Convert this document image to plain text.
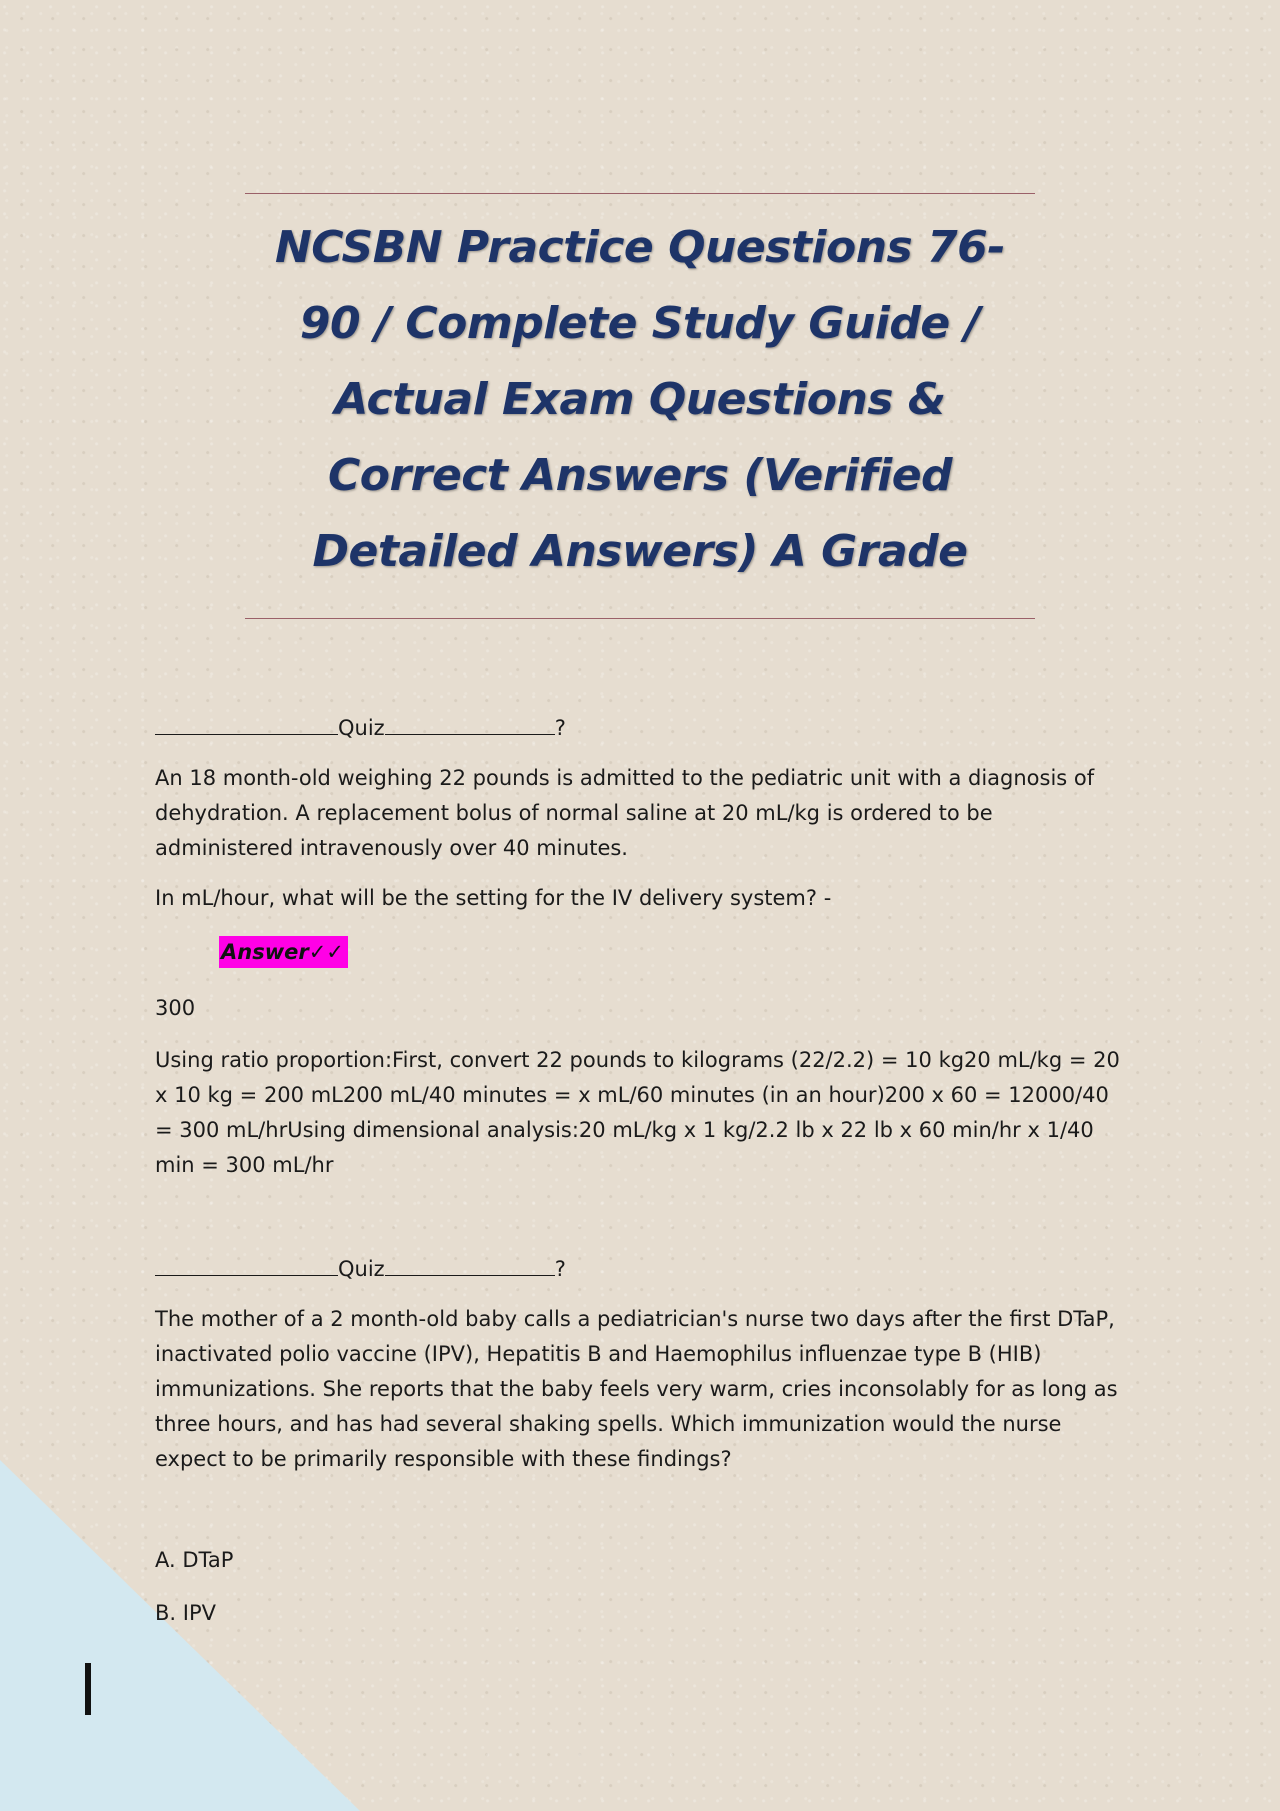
NCSBN Practice Questions 76-90 / Complete Study Guide / Actual Exam Questions & Correct Answers (Verified Detailed Answers) A Grade
Quiz	?

An 18 month-old weighing 22 pounds is admitted to the pediatric unit with a diagnosis of dehydration. A replacement bolus of normal saline at 20 mL/kg is ordered to be administered intravenously over 40 minutes.

In mL/hour, what will be the setting for the IV delivery system? -

Answer✓✓

300

Using ratio proportion:First, convert 22 pounds to kilograms (22/2.2) = 10 kg20 mL/kg = 20 x 10 kg = 200 mL200 mL/40 minutes = x mL/60 minutes (in an hour)200 x 60 = 12000/40 = 300 mL/hrUsing dimensional analysis:20 mL/kg x 1 kg/2.2 lb x 22 lb x 60 min/hr x 1/40 min = 300 mL/hr

Quiz	?

The mother of a 2 month-old baby calls a pediatrician's nurse two days after the first DTaP, inactivated polio vaccine (IPV), Hepatitis B and Haemophilus influenzae type B (HIB) immunizations. She reports that the baby feels very warm, cries inconsolably for as long as three hours, and has had several shaking spells. Which immunization would the nurse expect to be primarily responsible with these findings?

A. DTaP

B. IPV
